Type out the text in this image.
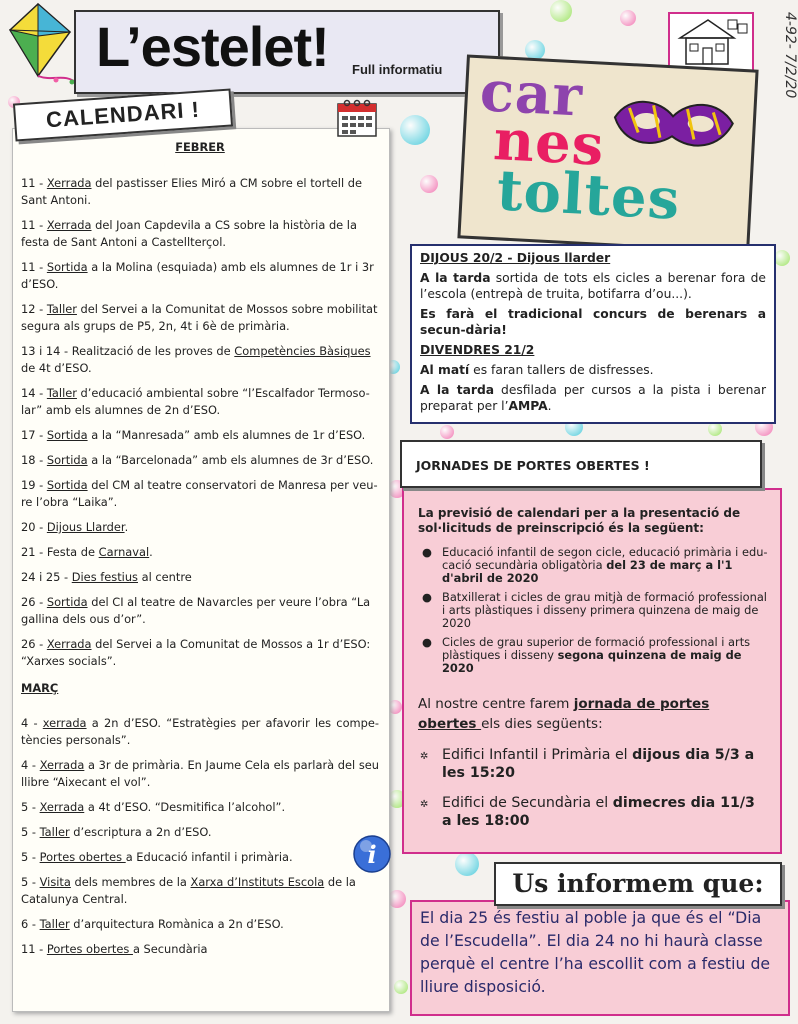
L’estelet! Full informatiu	4-92- 7/2/20
FEBRER
11 - Xerrada del pastisser Elies Miró a CM sobre el tortell de Sant Antoni.
11 - Xerrada del Joan Capdevila a CS sobre la història de la festa de Sant Antoni a Castellterçol.
11 - Sortida a la Molina (esquiada) amb els alumnes de 1r i 3r d’ESO.
12 - Taller del Servei a la Comunitat de Mossos sobre mobilitat segura als grups de P5, 2n, 4t i 6è de primària.
13 i 14 - Realització de les proves de Competències Bàsiques de 4t d’ESO.
14 - Taller d’educació ambiental sobre “l’Escalfador Termoso-lar” amb els alumnes de 2n d’ESO.
17 - Sortida a la “Manresada” amb els alumnes de 1r d’ESO.
18 - Sortida a la “Barcelonada” amb els alumnes de 3r d’ESO.
19 - Sortida del CM al teatre conservatori de Manresa per veu-re l’obra “Laika”.
20 - Dijous Llarder.
21 - Festa de Carnaval.
24 i 25 - Dies festius al centre
26 - Sortida del CI al teatre de Navarcles per veure l’obra “La gallina dels ous d’or”.
26 - Xerrada del Servei a la Comunitat de Mossos a 1r d’ESO: “Xarxes socials”.
MARÇ
4 - xerrada a 2n d’ESO. “Estratègies per afavorir les compe-tències personals”.
4 - Xerrada a 3r de primària. En Jaume Cela els parlarà del seu llibre “Aixecant el vol”.
5 - Xerrada a 4t d’ESO. “Desmitifica l’alcohol”.
5 - Taller d’escriptura a 2n d’ESO.
5 - Portes obertes a Educació infantil i primària.
5 - Visita dels membres de la Xarxa d’Instituts Escola de la Catalunya Central.
6 - Taller d’arquitectura Romànica a 2n d’ESO.
11 - Portes obertes a Secundària
CALENDARI !
i
car
nes
toltes

DIJOUS 20/2 - Dijous llarder

A la tarda sortida de tots els cicles a berenar fora de l’escola (entrepà de truita, botifarra d’ou...).

Es farà el tradicional concurs de berenars a secun-dària!

DIVENDRES 21/2

Al matí es faran tallers de disfresses.

A la tarda desfilada per cursos a la pista i berenar preparat per l’AMPA.

La previsió de calendari per a la presentació de sol·licituds de preinscripció és la següent:
● Educació infantil de segon cicle, educació primària i edu-cació secundària obligatòria del 23 de març a l'1 d'abril de 2020
● Batxillerat i cicles de grau mitjà de formació professional i arts plàstiques i disseny primera quinzena de maig de 2020
● Cicles de grau superior de formació professional i arts plàstiques i disseny segona quinzena de maig de 2020
Al nostre centre farem jornada de portes obertes els dies següents:
✲ Edifici Infantil i Primària el dijous dia 5/3 a les 15:20
✲ Edifici de Secundària el dimecres dia 11/3 a les 18:00
JORNADES DE PORTES OBERTES !
El dia 25 és festiu al poble ja que és el “Dia de l’Escudella”. El dia 24 no hi haurà classe perquè el centre l’ha escollit com a festiu de lliure disposició.
Us informem que:
